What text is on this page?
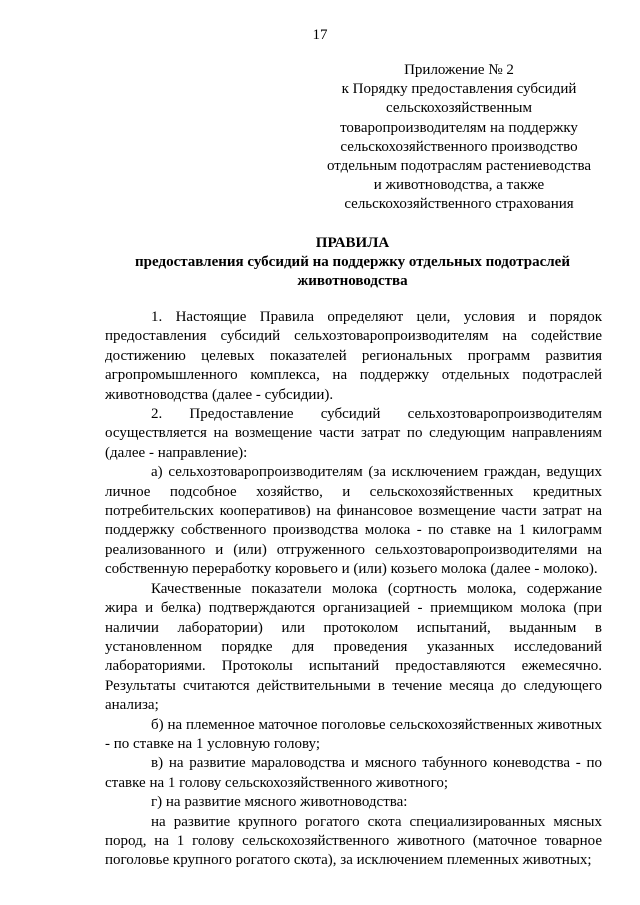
17
Приложение № 2
к Порядку предоставления субсидий
сельскохозяйственным
товаропроизводителям на поддержку
сельскохозяйственного производство
отдельным подотраслям растениеводства
и животноводства, а также
сельскохозяйственного страхования
ПРАВИЛА
предоставления субсидий на поддержку отдельных подотраслей
животноводства

1. Настоящие Правила определяют цели, условия и порядок предоставления субсидий сельхозтоваропроизводителям на содействие достижению целевых показателей региональных программ развития агропромышленного комплекса, на поддержку отдельных подотраслей животноводства (далее - субсидии).

2. Предоставление субсидий сельхозтоваропроизводителям осуществляется на возмещение части затрат по следующим направлениям (далее - направление):

а) сельхозтоваропроизводителям (за исключением граждан, ведущих личное подсобное хозяйство, и сельскохозяйственных кредитных потребительских кооперативов) на финансовое возмещение части затрат на поддержку собственного производства молока - по ставке на 1 килограмм реализованного и (или) отгруженного сельхозтоваропроизводителями на собственную переработку коровьего и (или) козьего молока (далее - молоко).

Качественные показатели молока (сортность молока, содержание жира и белка) подтверждаются организацией - приемщиком молока (при наличии лаборатории) или протоколом испытаний, выданным в установленном порядке для проведения указанных исследований лабораториями. Протоколы испытаний предоставляются ежемесячно. Результаты считаются действительными в течение месяца до следующего анализа;

б) на племенное маточное поголовье сельскохозяйственных животных - по ставке на 1 условную голову;

в) на развитие мараловодства и мясного табунного коневодства - по ставке на 1 голову сельскохозяйственного животного;

г) на развитие мясного животноводства:

на развитие крупного рогатого скота специализированных мясных пород, на 1 голову сельскохозяйственного животного (маточное товарное поголовье крупного рогатого скота), за исключением племенных животных;
